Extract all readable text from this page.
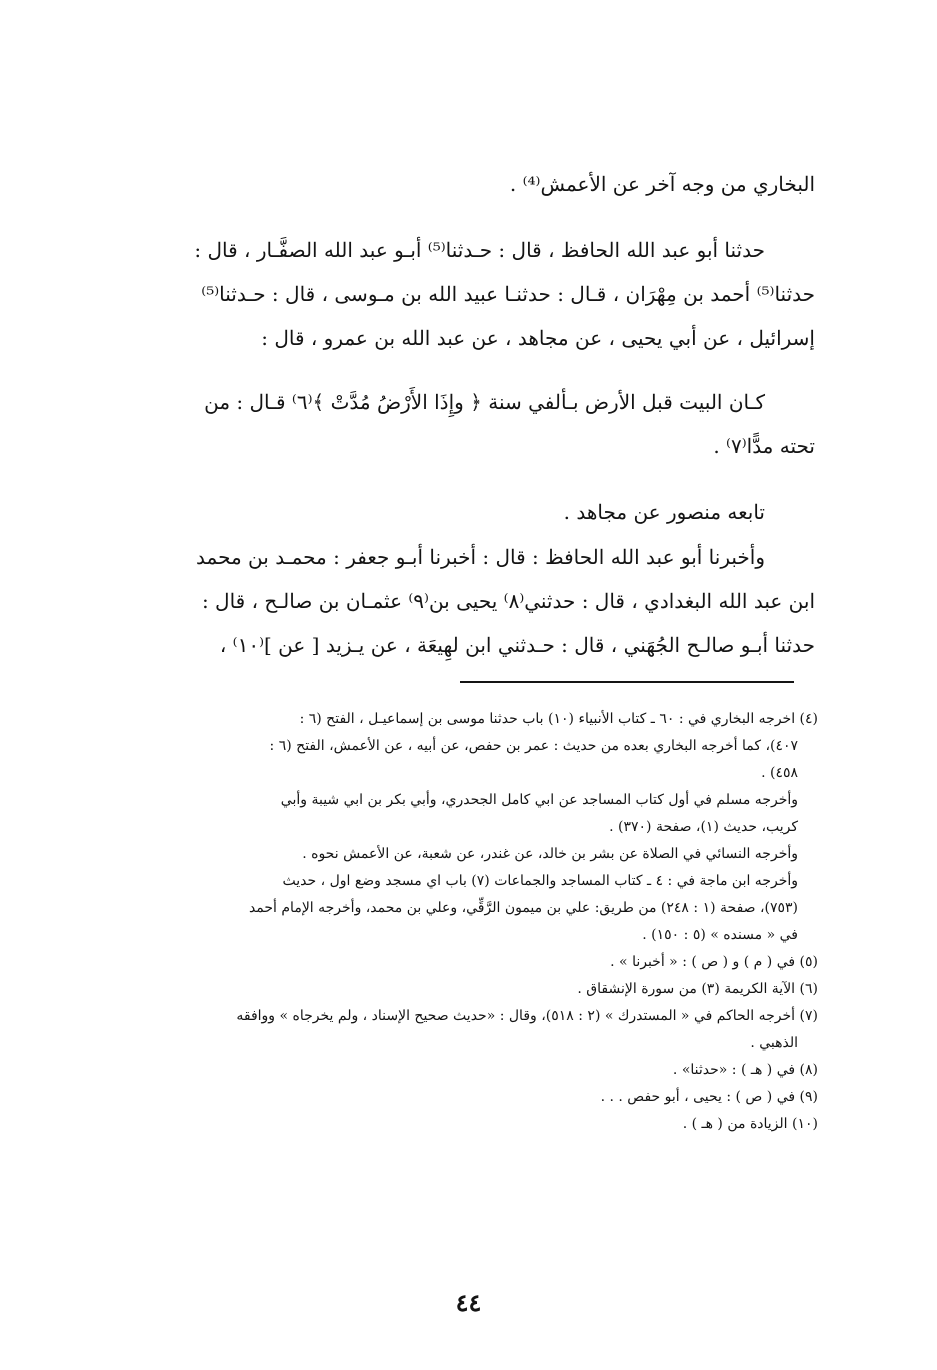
البخاري من وجه آخر عن الأعمش⁽⁴⁾ .

حدثنا أبو عبد الله الحافظ ، قال : حـدثنا⁽⁵⁾ أبـو عبد الله الصفَّـار ، قال :
حدثنا⁽⁵⁾ أحمد بن مِهْرَان ، قـال : حدثنـا عبيد الله بن مـوسى ، قال : حـدثنا⁽⁵⁾
إسرائيل ، عن أبي يحيى ، عن مجاهد ، عن عبد الله بن عمرو ، قال :

كـان البيت قبل الأرض بـألفي سنة ﴿ وإِذَا الأَرْضُ مُدَّتْ ﴾⁽٦⁾ قـال : من
تحته مدًّا⁽٧⁾ .

تابعه منصور عن مجاهد .

وأخبرنا أبو عبد الله الحافظ : قال : أخبرنا أبـو جعفر : محمـد بن محمد
ابن عبد الله البغدادي ، قال : حدثني⁽٨⁾ يحيى بن⁽٩⁾ عثمـان بن صالـح ، قال :
حدثنا أبـو صالـح الجُهَني ، قال : حـدثني ابن لهِيعَة ، عن يـزيد [ عن ]⁽١٠⁾ ،

(٤) اخرجه البخاري في : ٦٠ ـ كتاب الأنبياء (١٠) باب حدثنا موسى بن إسماعيـل ، الفتح (٦ :

٤٠٧)، كما أخرجه البخاري بعده من حديث : عمر بن حفص، عن أبيه ، عن الأعمش، الفتح (٦ :

٤٥٨) .

وأخرجه مسلم في أول كتاب المساجد عن ابي كامل الجحدري، وأبي بكر بن ابي شيبة وأبي

كريب، حديث (١)، صفحة (٣٧٠) .

وأخرجه النسائي في الصلاة عن بشر بن خالد، عن غندر، عن شعبة، عن الأعمش نحوه .

وأخرجه ابن ماجة في : ٤ ـ كتاب المساجد والجماعات (٧) باب اي مسجد وضع اول ، حديث

(٧٥٣)، صفحة (١ : ٢٤٨) من طريق: علي بن ميمون الرَّقِّي، وعلي بن محمد، وأخرجه الإمام أحمد

في « مسنده » (٥ : ١٥٠) .

(٥) في ( م ) و ( ص ) : « أخبرنا » .

(٦) الآية الكريمة (٣) من سورة الإنشقاق .

(٧) أخرجه الحاكم في « المستدرك » (٢ : ٥١٨)، وقال : «حديث صحيح الإسناد ، ولم يخرجاه » ووافقه

الذهبي .

(٨) في ( هـ ) : «حدثنا» .

(٩) في ( ص ) : يحيى ، أبو حفص . . .

(١٠) الزيادة من ( هـ ) .

٤٤
